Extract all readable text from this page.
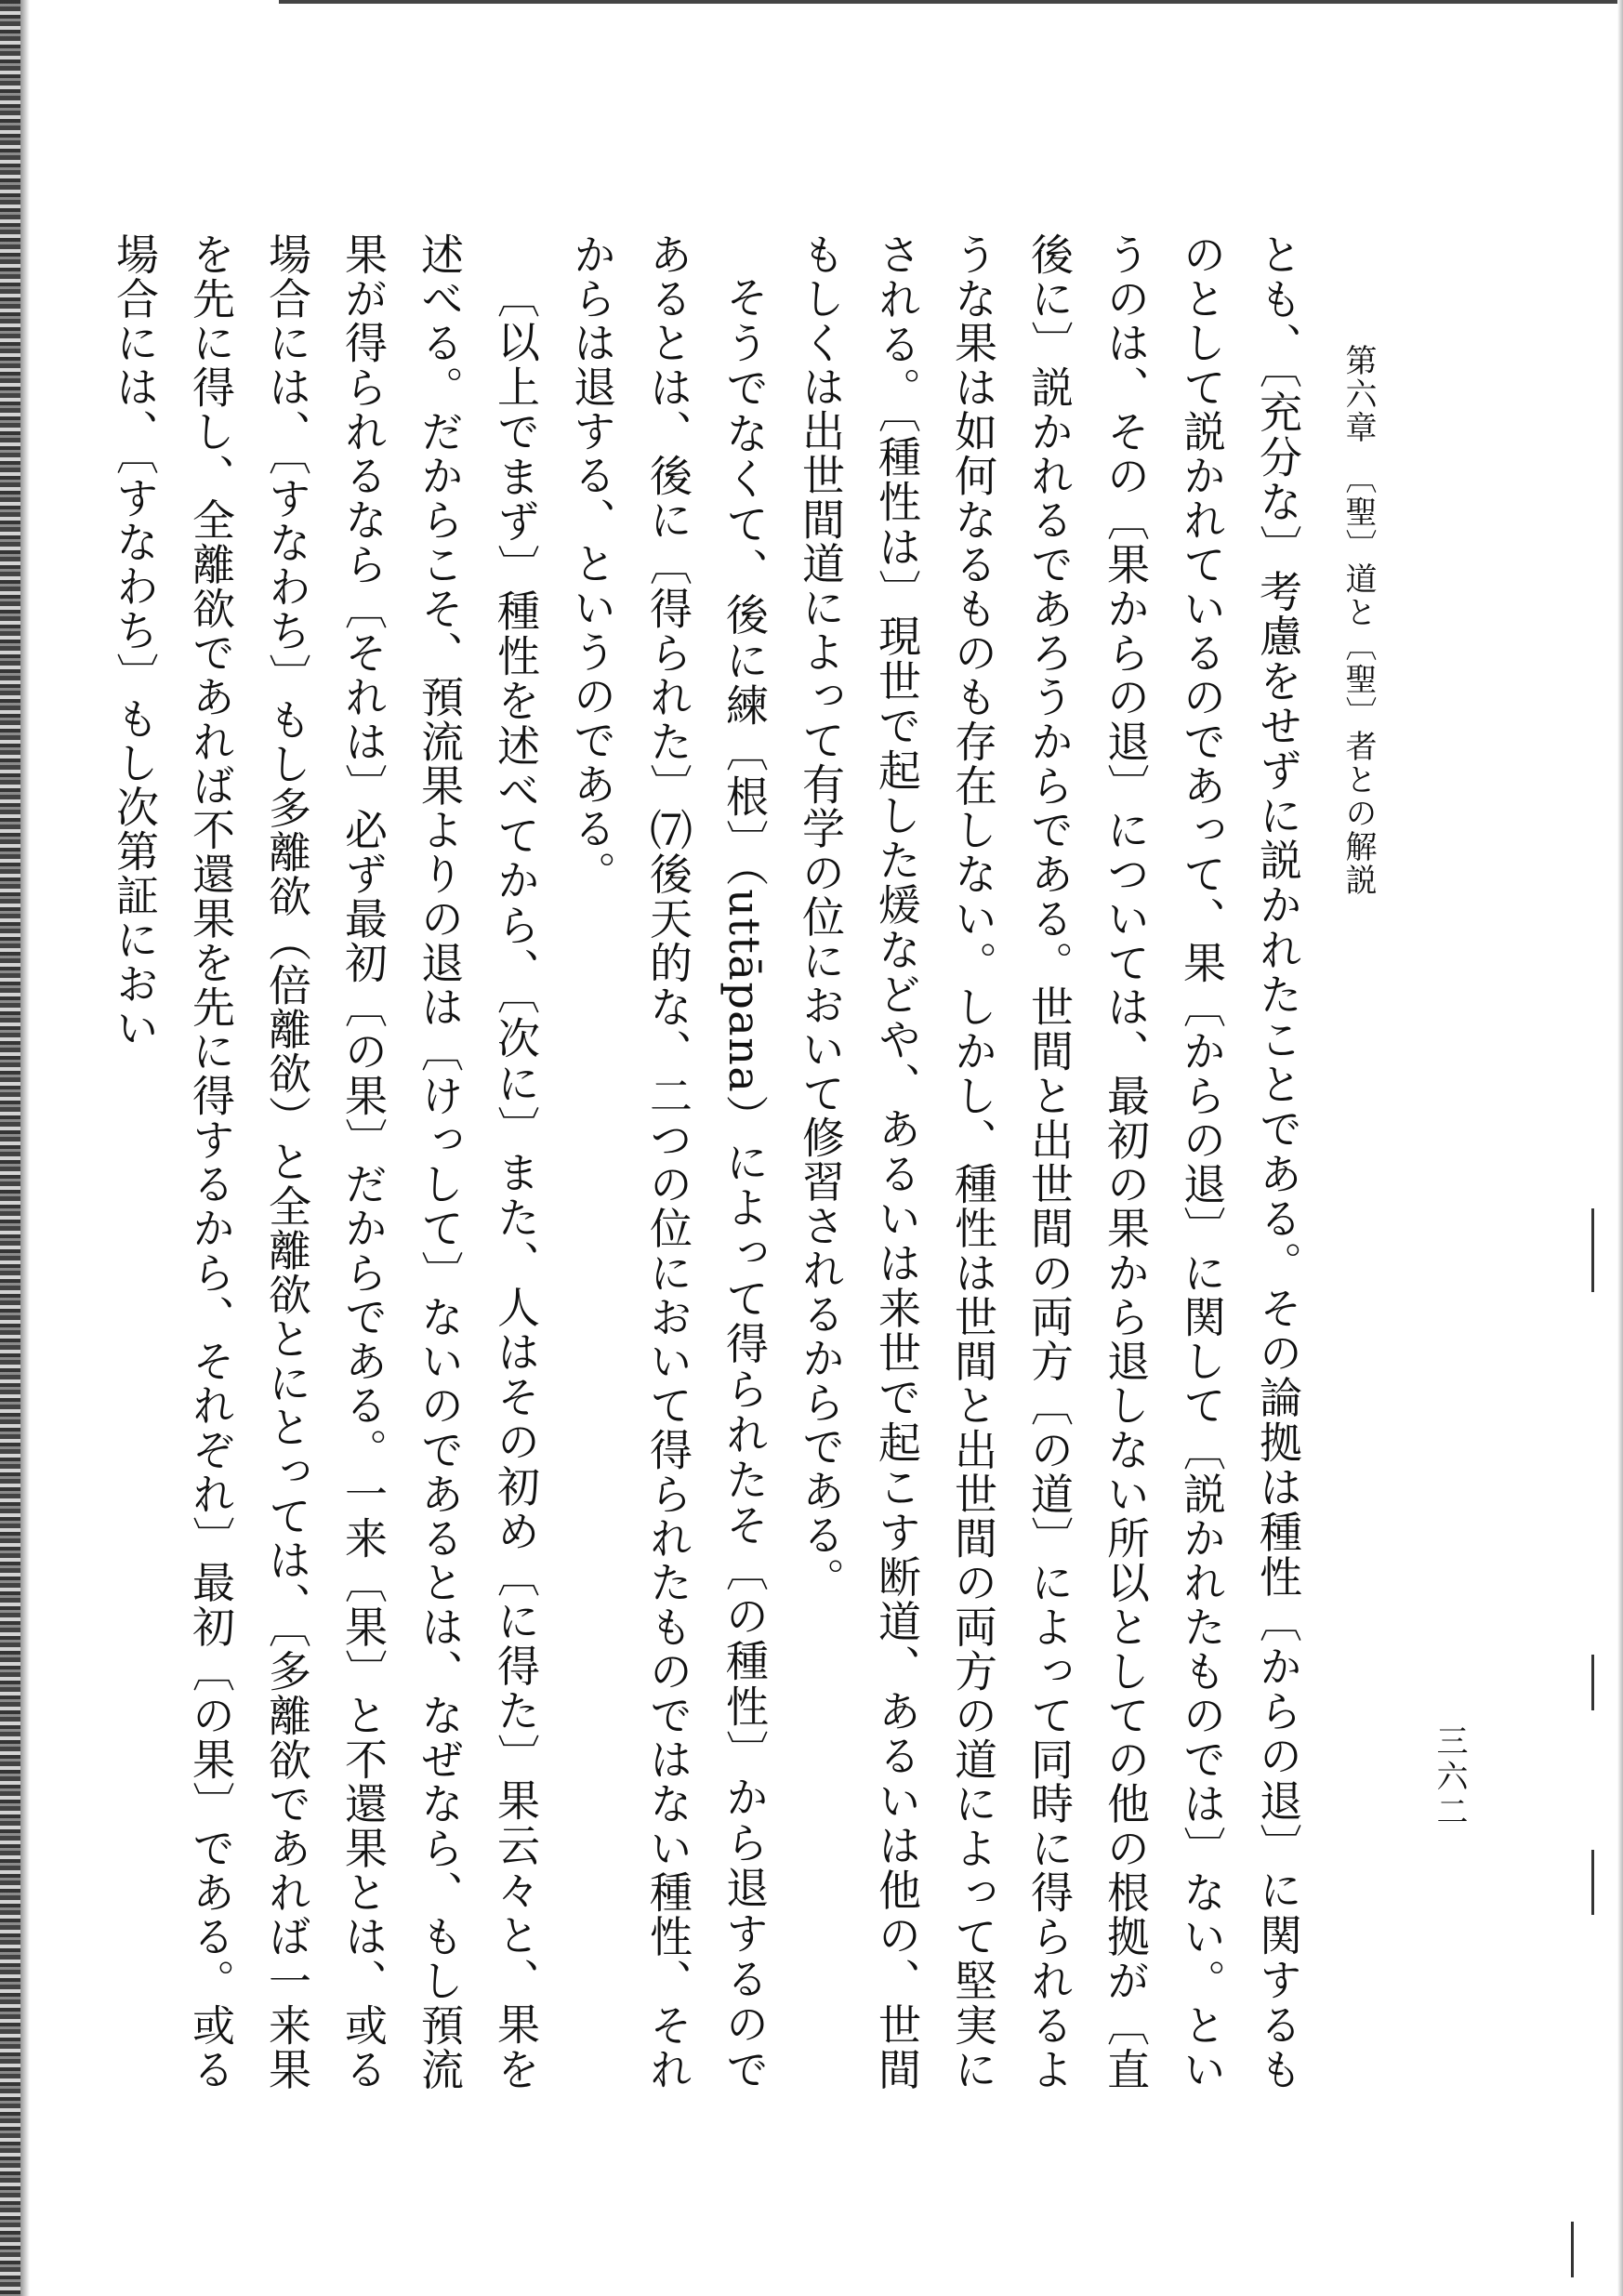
第六章　〔聖〕道と〔聖〕者との解説
三六二

とも、〔充分な〕考慮をせずに説かれたことである。その論拠は種性〔からの退〕に関するものとして説かれているのであって、果〔からの退〕に関して〔説かれたものでは〕ない。というのは、その〔果からの退〕については、最初の果から退しない所以としての他の根拠が〔直後に〕説かれるであろうからである。世間と出世間の両方〔の道〕によって同時に得られるような果は如何なるものも存在しない。しかし、種性は世間と出世間の両方の道によって堅実にされる。〔種性は〕現世で起した煖などや、あるいは来世で起こす断道、あるいは他の、世間もしくは出世間道によって有学の位において修習されるからである。

そうでなくて、後に練〔根〕（uttāpana）によって得られたそ〔の種性〕から退するのであるとは、後に〔得られた〕⑺後天的な、二つの位において得られたものではない種性、それからは退する、というのである。

〔以上でまず〕種性を述べてから、〔次に〕また、人はその初め〔に得た〕果云々と、果を述べる。だからこそ、預流果よりの退は〔けっして〕ないのであるとは、なぜなら、もし預流果が得られるなら〔それは〕必ず最初〔の果〕だからである。一来〔果〕と不還果とは、或る場合には、〔すなわち〕もし多離欲（倍離欲）と全離欲とにとっては、〔多離欲であれば一来果を先に得し、全離欲であれば不還果を先に得するから、それぞれ〕最初〔の果〕である。或る場合には、〔すなわち〕もし次第証におい
